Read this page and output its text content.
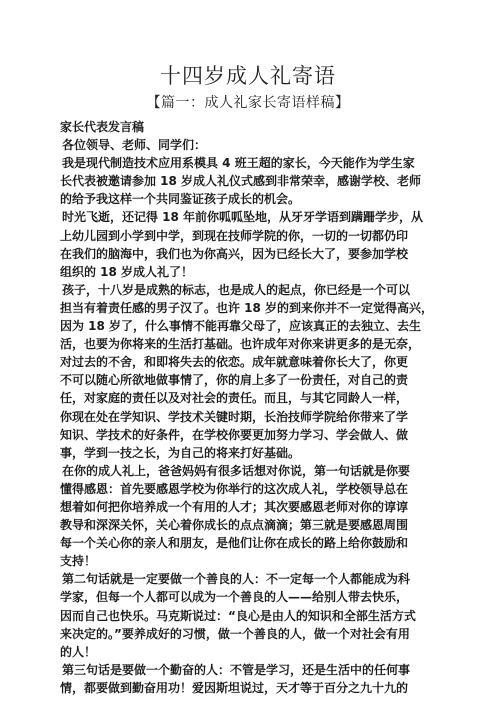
十四岁成人礼寄语
【篇一：成人礼家长寄语样稿】
家长代表发言稿
各位领导、老师、同学们：
我是现代制造技术应用系模具 4 班王超的家长，今天能作为学生家
长代表被邀请参加 18 岁成人礼仪式感到非常荣幸，感谢学校、老师
的给予我这样一个共同鉴证孩子成长的机会。
时光飞逝，还记得 18 年前你呱呱坠地，从牙牙学语到蹒跚学步，从
上幼儿园到小学到中学，到现在技师学院的你，一切的一切都仍印
在我们的脑海中，我们也为你高兴，因为已经长大了，要参加学校
组织的 18 岁成人礼了！
孩子，十八岁是成熟的标志，也是成人的起点，你已经是一个可以
担当有着责任感的男子汉了。也许 18 岁的到来你并不一定觉得高兴，
因为 18 岁了，什么事情不能再靠父母了，应该真正的去独立、去生
活，也要为你将来的生活打基础。也许成年对你来讲更多的是无奈，
对过去的不舍，和即将失去的依恋。成年就意味着你长大了，你更
不可以随心所欲地做事情了，你的肩上多了一份责任，对自己的责
任，对家庭的责任以及对社会的责任。而且，与其它同龄人一样，
你现在处在学知识、学技术关键时期，长治技师学院给你带来了学
知识、学技术的好条件，在学校你要更加努力学习、学会做人、做
事，学到一技之长，为自己的将来打好基础。
在你的成人礼上，爸爸妈妈有很多话想对你说，第一句话就是你要
懂得感恩：首先要感恩学校为你举行的这次成人礼，学校领导总在
想着如何把你培养成一个有用的人才；其次要感恩老师对你的谆谆
教导和深深关怀，关心着你成长的点点滴滴；第三就是要感恩周围
每一个关心你的亲人和朋友，是他们让你在成长的路上给你鼓励和
支持！
第二句话就是一定要做一个善良的人：不一定每一个人都能成为科
学家，但每一个人都可以成为一个善良的人——给别人带去快乐，
因而自己也快乐。马克斯说过：“良心是由人的知识和全部生活方式
来决定的。”要养成好的习惯，做一个善良的人，做一个对社会有用
的人！
第三句话是要做一个勤奋的人：不管是学习，还是生活中的任何事
情，都要做到勤奋用功！爱因斯坦说过，天才等于百分之九十九的
